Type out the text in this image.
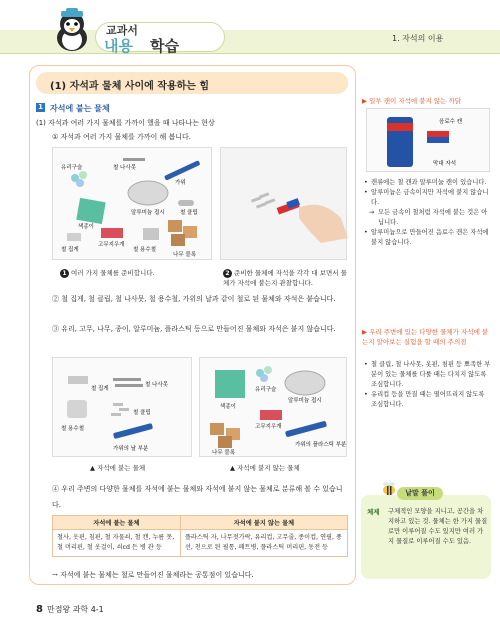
교과서
내용 학습	1. 자석의 이용
(1) 자석과 물체 사이에 작용하는 힘
1 자석에 붙는 물체
(1) 자석과 여러 가지 물체를 가까이 했을 때 나타나는 현상
① 자석과 여러 가지 물체를 가까이 해 봅니다.
유리구슬	철 나사못
가위
알루미늄 접시
색종이
철 클립
철 집게
고무지우개
철 용수철
나무 블록
1 여러 가지 물체를 준비합니다.	2 준비한 물체에 자석을 각각 대 보면서 물체가 자석에 붙는지 관찰합니다.
② 철 집게, 철 클립, 철 나사못, 철 용수철, 가위의 날과 같이 철로 된 물체와 자석은 붙습니다.
③ 유리, 고무, 나무, 종이, 알루미늄, 플라스틱 등으로 만들어진 물체와 자석은 붙지 않습니다.
철 집게
철 나사못
철 용수철
철 클립
가위의 날 부분
유리구슬
알루미늄 접시
색종이
고무지우개
나무 블록
가위의 플라스틱 부분
▲ 자석에 붙는 물체	▲ 자석에 붙지 않는 물체
④ 우리 주변의 다양한 물체를 자석에 붙는 물체와 자석에 붙지 않는 물체로 분류해 볼 수 있습니다.
자석에 붙는 물체	자석에 붙지 않는 물체
철사, 옷핀, 침핀, 철 자물쇠, 철 캔, 누름 못, 철 머리핀, 철 옷걸이, 쇠cd 든 병 관 등	플라스틱 자, 나무젓가락, 유리컵, 고무줄, 종이컵, 연필, 풍선, 천으로 된 필통, 페트병, 플라스틱 머리핀, 동전 등
→ 자석에 붙는 물체는 철로 만들어진 물체라는 공통점이 있습니다.
8 만점왕 과학 4-1
▶ 일부 캔이 자석에 붙지 않는 까닭
음료수 캔
막대 자석
• 캔류에는 철 캔과 알루미늄 캔이 있습니다.
• 알루미늄은 금속이지만 자석에 붙지 않습니다.
→ 모든 금속이 철처럼 자석에 붙는 것은 아닙니다.
• 알루미늄으로 만들어진 음료수 캔은 자석에 붙지 않습니다.
▶ 우리 주변에 있는 다양한 물체가 자석에 붙는지 알아보는 실험을 할 때의 주의점
• 철 클립, 철 나사못, 옷핀, 침핀 등 뾰족한 부분이 있는 물체를 다룰 때는 다치지 않도록 조심합니다.
• 유리컵 등을 만질 때는 떨어뜨리지 않도록 조심합니다.
낱말 풀이
체제 구체적인 모양을 지니고, 공간을 차지하고 있는 것. 물체는 한 가지 물질로만 이루어질 수도 있지만 여러 가지 물질로 이루어질 수도 있음.
